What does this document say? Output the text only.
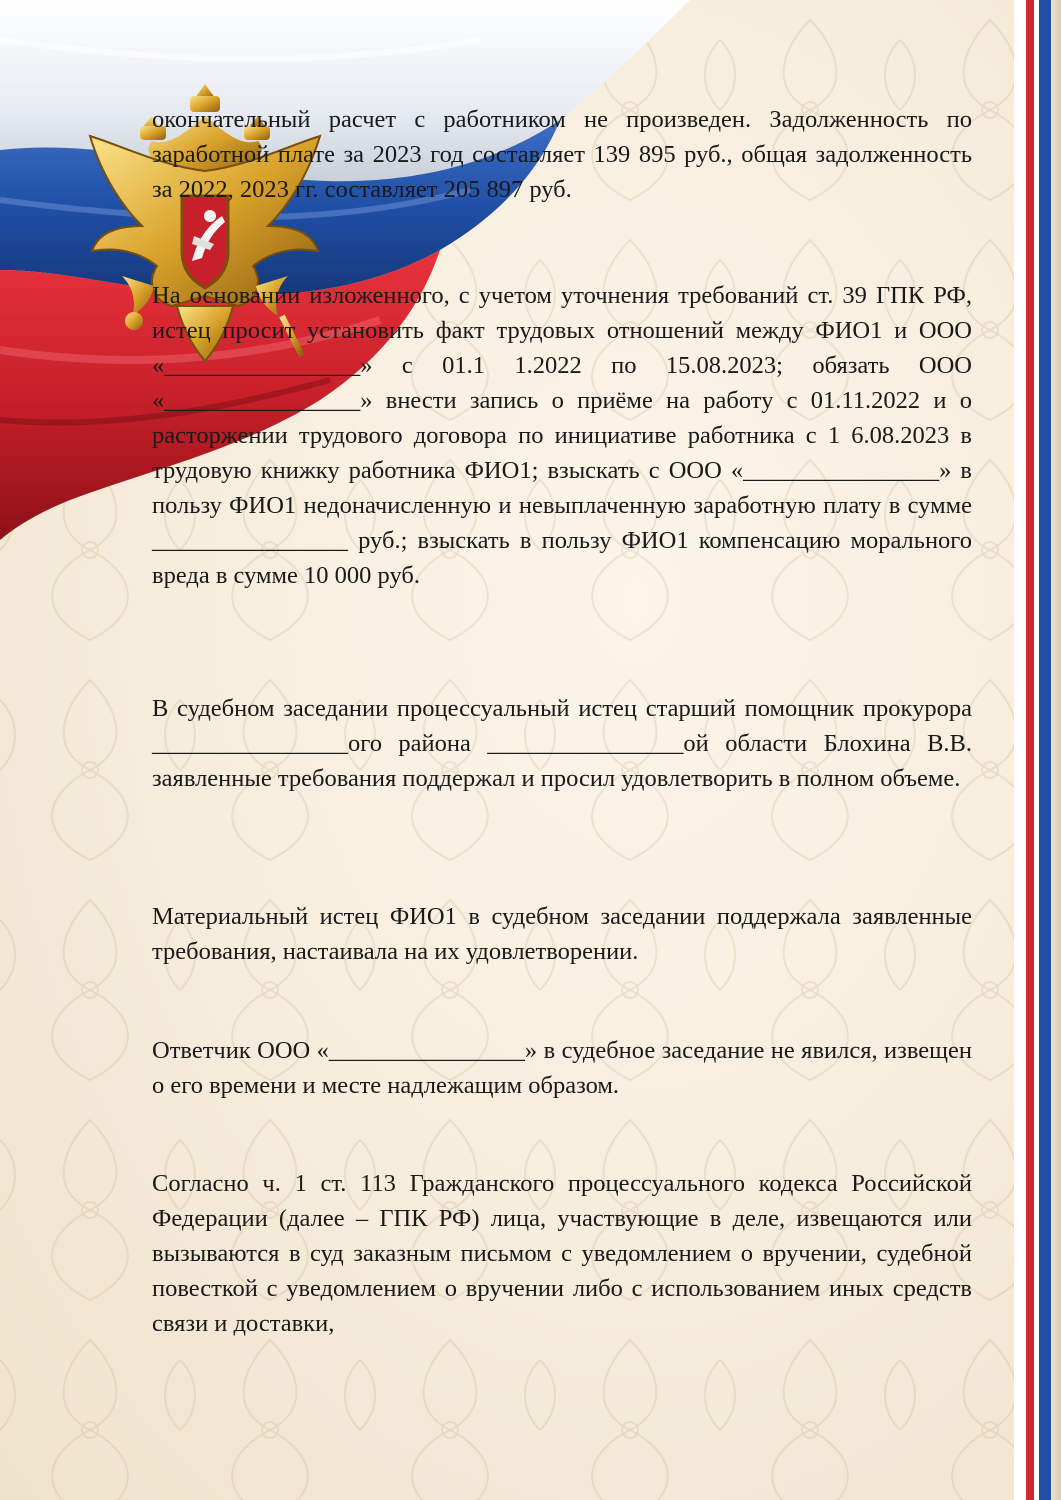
окончательный расчет с работником не произведен. Задолженность по заработной плате за 2023 год составляет 139 895 руб., общая задолженность за 2022, 2023 гг. составляет 205 897 руб.

На основании изложенного, с учетом уточнения требований ст. 39 ГПК РФ, истец просит установить факт трудовых отношений между ФИО1 и ООО «________________» с 01.1 1.2022 по 15.08.2023; обязать ООО «________________» внести запись о приёме на работу с 01.11.2022 и о расторжении трудового договора по инициативе работника с 1 6.08.2023 в трудовую книжку работника ФИО1; взыскать с ООО «________________» в пользу ФИО1 недоначисленную и невыплаченную заработную плату в сумме ________________ руб.; взыскать в пользу ФИО1 компенсацию морального вреда в сумме 10 000 руб.

В судебном заседании процессуальный истец старший помощник прокурора ________________ого района ________________ой области Блохина В.В. заявленные требования поддержал и просил удовлетворить в полном объеме.

Материальный истец ФИО1 в судебном заседании поддержала заявленные требования, настаивала на их удовлетворении.

Ответчик ООО «________________» в судебное заседание не явился, извещен о его времени и месте надлежащим образом.

Согласно ч. 1 ст. 113 Гражданского процессуального кодекса Российской Федерации (далее – ГПК РФ) лица, участвующие в деле, извещаются или вызываются в суд заказным письмом с уведомлением о вручении, судебной повесткой с уведомлением о вручении либо с использованием иных средств связи и доставки,
